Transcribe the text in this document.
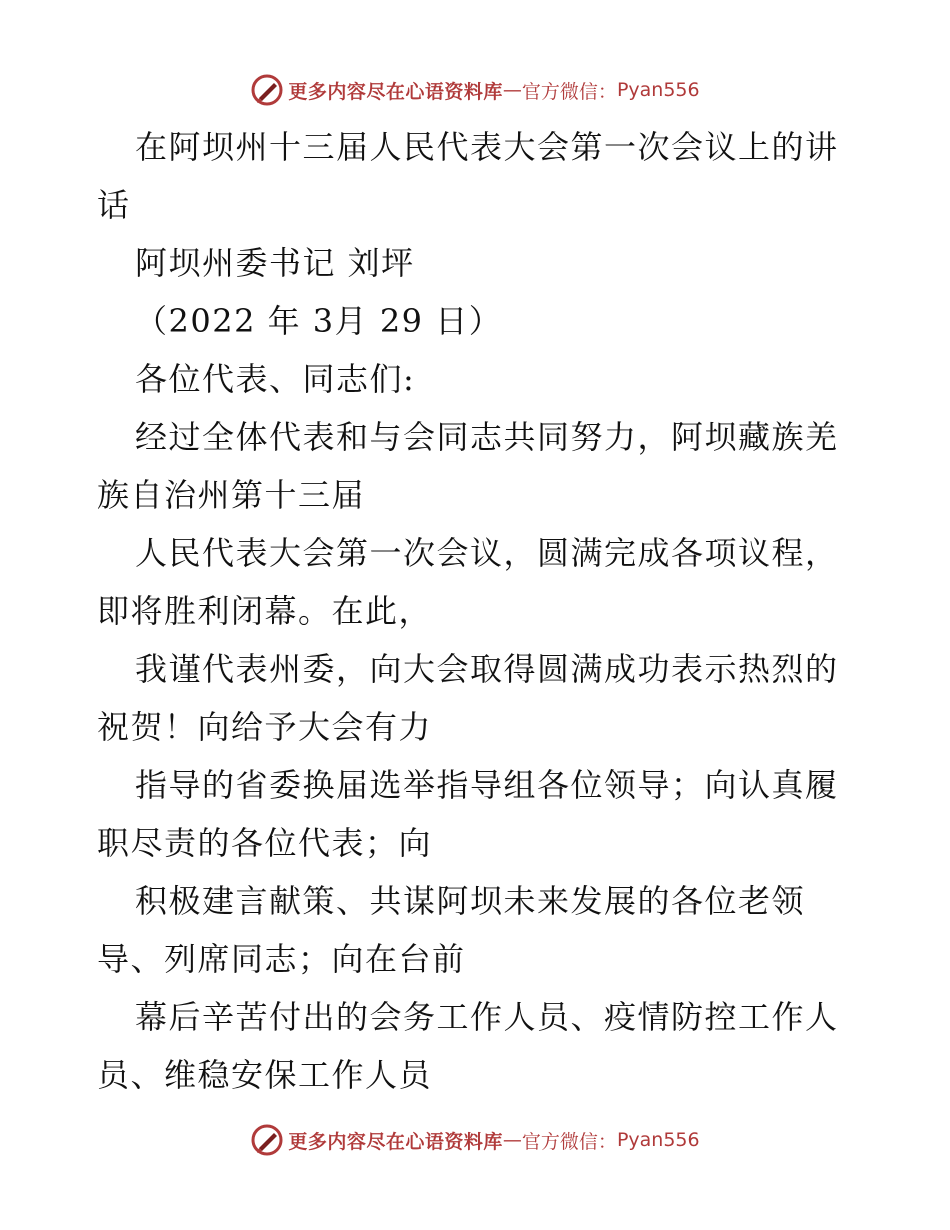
更多内容尽在心语资料库 — 官方微信： Pyan556
在阿坝州十三届人民代表大会第一次会议上的讲
话
阿坝州委书记 刘坪
（2022 年 3月 29 日）
各位代表、同志们:
经过全体代表和与会同志共同努力，阿坝藏族羌
族自治州第十三届
人民代表大会第一次会议，圆满完成各项议程，
即将胜利闭幕。在此，
我谨代表州委，向大会取得圆满成功表示热烈的
祝贺！向给予大会有力
指导的省委换届选举指导组各位领导；向认真履
职尽责的各位代表；向
积极建言献策、共谋阿坝未来发展的各位老领
导、列席同志；向在台前
幕后辛苦付出的会务工作人员、疫情防控工作人
员、维稳安保工作人员
更多内容尽在心语资料库 — 官方微信： Pyan556
